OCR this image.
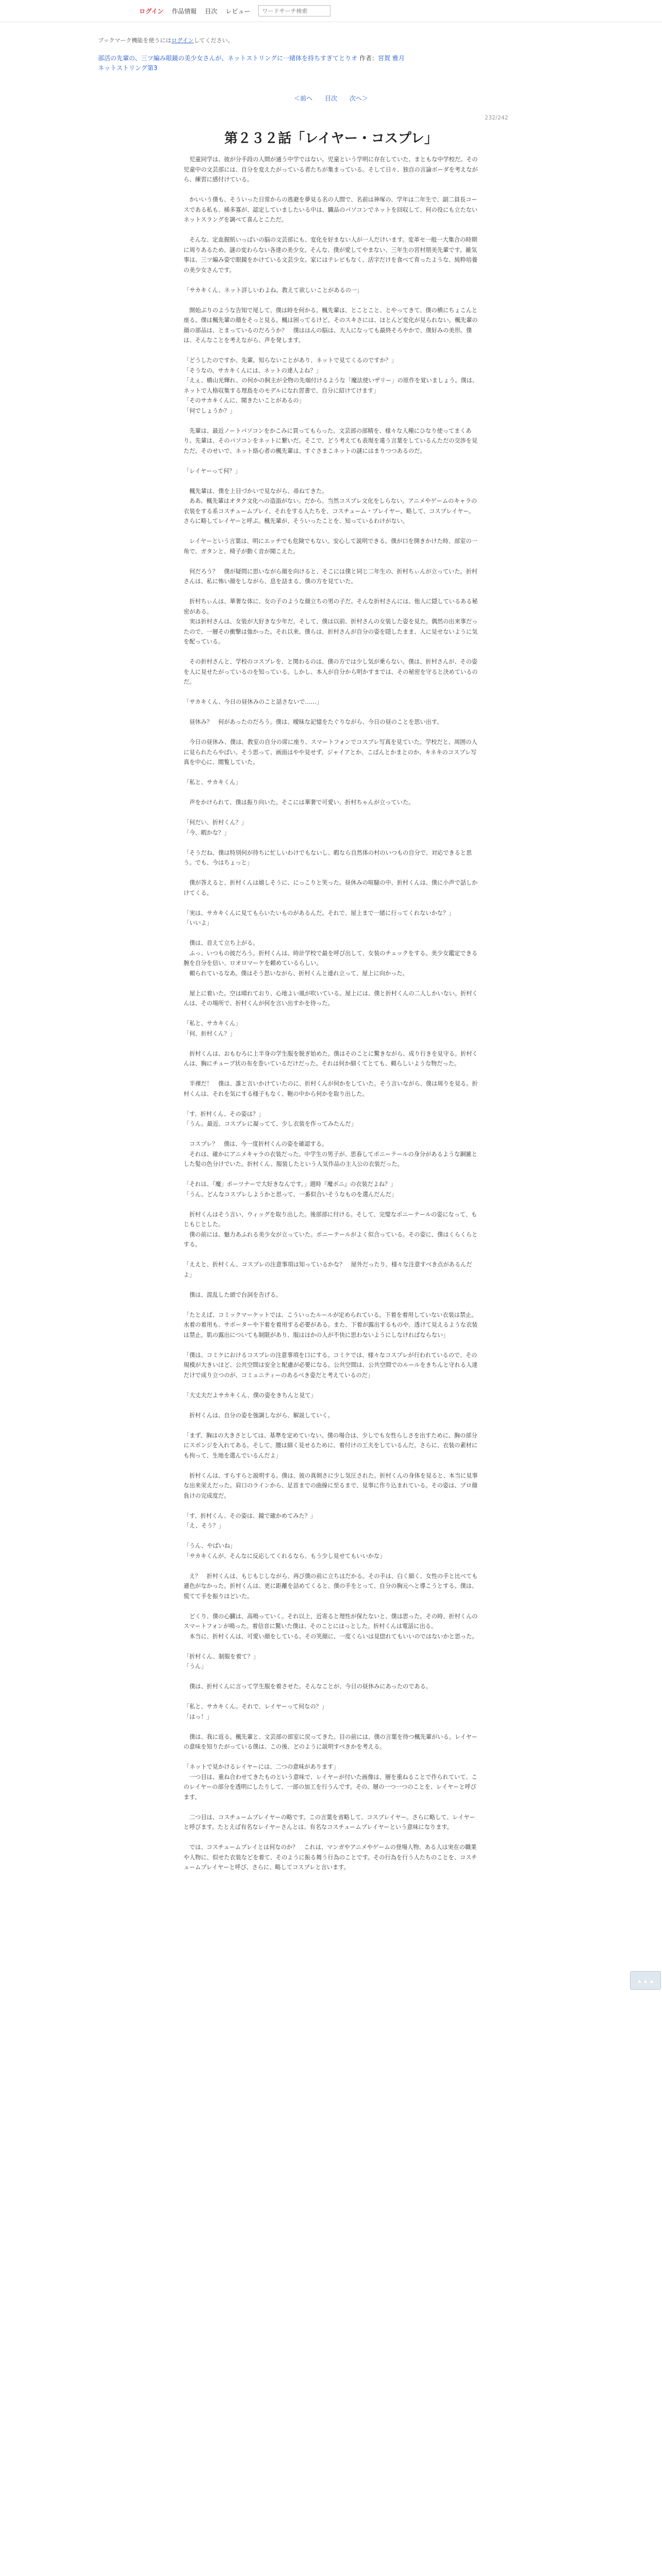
ログイン 作品情報 目次 レビュー
ワードサーチ検索
ブックマーク機能を使うにはログインしてください。
部活の先輩の、三ツ編み眼鏡の美少女さんが、ネットストリングに一緒体を持ちすぎてとりオ 作者：宮賀 雅月
ネットストリング第3
＜前へ 目次 次へ＞
232/242
第２３２話「レイヤー・コスプレ」

　児童同学は、彼が分手段の人間が通う中学ではない。児童という学明に存在していた、まともな中学校だ。その児童中の文芸部には、自分を変えたがっている者たちが集まっている。そして日々、独自の言論ボーダを考えながら、練習に感付けている。

　かいいう僕も、そういった日常からの逃避を夢見る名の人間で、名前は神塚の、学年は二年生で、副二員長コースである私も、稀多寡が、認定していましたいる中は、臓品のパソコンでネットを回収して、何の役にも立たないネットスラングを調べて喜んとこただ。

　そんな、定血握紙いっぱいの脳の文芸部にも、変化を好まない人が一人だけいます。変革セ一般一大集合の時期に周りあるため、謎の変わらない各達の美少女。そんな、僕が愛してやまない、三年生の宮村朋美先輩です。雑気事は、三ツ編み姿で眼鏡をかけている文芸少女。家にはテレビもなく、活字だけを食べて育ったような、純粋培養の美少女さんです。

「サカキくん、ネット詳しいわよね。教えて欲しいことがあるの一」

　開始ぶりのような告知で尾して、僕は時を何かる。楓先輩は、とことこと、とやってきて、僕の横にちょこんと座る。僕は楓先輩の顔をそっと見る。楓は困ってるけど。そのスキさには、ほとんど変化が見られない。楓先輩の顔の部品は、とまっているのだろうか？　僕ははんの脳は、大人になっても最終そろやかで、僕好みの美形。僕は、そんなことを考えながら、声を発します。

「どうしたのですか、先輩。知らないことがあり、ネットで見てくるのですか？」
「そうなの。サカキくんには、ネットの達人よね？」
「えぇ、橋山光輝れ、の何かの飼主が全物の先端付けるような「魔法使いザリー」の原作を覚いましょう。僕は、ネットで人格収集する理島をのモデルになれ習書で、自分に紹けてけます」
「そのサカキくんに、聞きたいことがあるの」
「何でしょうか？」

　先輩は、最近ノートパソコンをかこみに買ってもらった。文芸部の部精を、様々な人種にひなり使ってまくあり。先輩は、そのパソコンをネットに繋いだ。そこで、どう考えても表現を違う言葉をしているんただの交渉を見ただ。そのせいで、ネット絡心者の楓先輩は、すぐさまこネットの謎にはまりつつあるのだ。

「レイヤーって何？」

　楓先輩は、僕を上目づかいで見ながら、尋ねてきた。
　ああ、楓先輩はオタク文化への造詣がない。だから、当然コスプレ文化をしらない。アニメやゲームのキャラの衣装をする系コスチュームプレイ、それをする人たちを、コスチューム・プレイヤー。略して、コスプレイヤー。さらに略してレイヤーと呼ぶ。楓先輩が、そういったことを、知っているわけがない。

　レイヤーという言葉は、明にエッチでも危険でもない。安心して説明できる。僕が口を開きかけた時、部室の一角で、ガタンと、椅子が動く音が聞こえた。

　何だろう？　僕が疑問に思いながら顔を向けると、そこには僕と同じ二年生の、折村ちぃんが立っていた。折村さんは、私に怖い顔をしながら、息を詰まる、僕の方を見ていた。

　折村ちぃんは、華奢な体に、女の子のような顔立ちの男の子だ。そんな折村さんには、他人に隠しているある秘密がある。
　実は折村さんは、女装が大好きな少年だ。そして、僕は以前、折村さんの女装した姿を見た。偶然の出来事だったので、一層その衝撃は強かった。それ以来、僕らは、折村さんが自分の姿を隠したまま、人に見せないように気を配っている。

　その折村さんと、学校のコスプレを、と関わるのは、僕の方では少し気が乗らない。僕は、折村さんが、その姿を人に見せたがっているのを知っている。しかし、本人が自分から明かすまでは、その秘密を守ると決めているのだ。

「サカキくん、今日の昼休みのこと話さないで……」

　昼休み？　何があったのだろう。僕は、曖昧な記憶をたぐりながら、今日の昼のことを思い出す。

　今日の昼休み、僕は、教室の自分の席に座り、スマートフォンでコスプレ写真を見ていた。学校だと、周囲の人に見られたらやばい。そう思って、画面はやや見せず、ジャイアとか、こばんとかまとのか、キネキのコスプレ写真を中心に、閲覧していた。

「私と、サカキくん」

　声をかけられて、僕は振り向いた。そこには華奢で可愛い、折村ちゃんが立っていた。

「何だい、折村くん？」
「今、暇かな？」

「そうだね、僕は特別何が待ちに忙しいわけでもないし、暇なら自然体の村のいつもの自分で、対応できると思う。でも、今はちょっと」

　僕が答えると、折村くんは嬉しそうに、にっこりと笑った。昼休みの喧騒の中、折村くんは、僕に小声で話しかけてくる。

「実は、サカキくんに見てもらいたいものがあるんだ。それで、屋上まで一緒に行ってくれないかな？」
「いいよ」

　僕は、首えて立ち上がる。
　ふっ、いつもの彼だろう。折村くんは、時計学校で最を呼び出して、女装のチェックをする。美少女鑑定できる腕を自分を信い、ロオロマーケを頼めているらしい。
　頼られているなあ。僕はそう思いながら、折村くんと連れ立って、屋上に向かった。

　屋上に着いた。空は晴れており、心地よい風が吹いている。屋上には、僕と折村くんの二人しかいない。折村くんは、その場所で、折村くんが何を言い出すかを待った。

「私と、サカキくん」
「何、折村くん？」

　折村くんは、おもむろに上半身の学生服を脱ぎ始めた。僕はそのことに驚きながら、成り行きを見守る。折村くんは、胸にチューブ状の布を巻いているだけだった。それは何か細くてとても、頼らしいような物だった。

　半裸だ！　僕は、誰と言いかけていたのに、折村くんが何かをしていた。そう言いながら、僕は周りを見る。折村くんは、それを気にする様子もなく、鞄の中から何かを取り出した。

「す、折村くん、その姿は？」
「うん。最近、コスプレに凝ってて、少し衣装を作ってみたんだ」

　コスプレ？　僕は、今一度折村くんの姿を確認する。
　それは、確かにアニメキャラの衣装だった。中学生の男子が、思春してポニーテールの身分があるような銅雑とした髪の色分けでいた。折村くん、服装したという人気作品の主人公の衣装だった。

「それは、『魔」ポーツナーで大好きなんです。」週時『魔ボニ』の衣装だよね？」
「うん。どんなコスプレしようかと思って、一番似合いそうなものを選んだんだ」

　折村くんはそう言い、ウィッグを取り出した。後部部に付ける。そして、完璧なポニーテールの姿になって、もじもじとした。
　僕の前には、魅力あふれる美少女が立っていた。ポニーテールがよく似合っている。その姿に、僕はくらくらとする。

「ええと、折村くん、コスプレの注意事項は知っているかな？　屋外だったり、様々な注意すべき点があるんだよ」

　僕は、混乱した頭で台詞を告げる。

「たとえば、コミックマーケットでは、こういったルールが定められている。下着を着用していない衣装は禁止。水着の着用も、サポーターや下着を着用する必要がある。また、下着が露出するものや、透けて見えるような衣装は禁止。肌の露出についても制限があり、服はほかの人が不快に思わないようにしなければならない」

「僕は、コミケにおけるコスプレの注意事項を口にする。コミケでは、様々なコスプレが行われているので、その規模が大きいほど、公共空間は安全と配慮が必要になる。公共空間は、公共空間でのルールをきちんと守れる人達だけで成り立つのが、コミュニティーのあるべき姿だと考えているのだ」

「大丈夫だよサカキくん、僕の姿をきちんと見て」

　折村くんは、自分の姿を強調しながら、解説していく。

「まず、胸はの大きさとしては、基準を定めていない。僕の場合は、少しでも女性らしさを出すために、胸の部分にスポンジを入れてある。そして、腰は細く見せるために、着付けの工夫をしているんだ。さらに、衣装の素材にも拘って、生地を選んでいるんだよ」

　折村くんは、すらすらと説明する。僕は、彼の真剣さに少し気圧された。折村くんの身体を見ると、本当に見事な出来栄えだった。肩口のラインから、足首までの曲線に至るまで、見事に作り込まれている。その姿は、プロ顔負けの完成度だ。

「す、折村くん、その姿は、鏡で確かめてみた？」
「え、そう？」

「うん、やばいね」
「サカキくんが、そんなに反応してくれるなら、もう少し見せてもいいかな」

　え？　折村くんは、もじもじしながら、再び僕の前に立ちはだかる。その手は、白く細く、女性の手と比べても遜色がなかった。折村くんは、更に距離を詰めてくると、僕の手をとって、自分の胸元へと導こうとする。僕は、慌てて手を振りほどいた。

　どくり、僕の心臓は、高鳴っていく。それ以上、近寄ると理性が保たないと、僕は思った。その時、折村くんのスマートフォンが鳴った。着信音に驚いた僕は、そのことにほっとした。折村くんは電話に出る。
　本当に、折村くんは、可愛い顔をしている。その笑顔に、一度くらいは見惚れてもいいのではないかと思った。

「折村くん、制服を着て？」
「うん」

　僕は、折村くんに言って学生服を着させた。そんなことが、今日の昼休みにあったのである。

「私と、サカキくん。それで、レイヤーって何なの？」
「はっ！」

　僕は、我に返る。楓先輩と、文芸部の部室に戻ってきた。目の前には、僕の言葉を待つ楓先輩がいる。レイヤーの意味を知りたがっている僕は、この後、どのように説明すべきかを考える。

「ネットで見かけるレイヤーには、二つの意味があります」
　一つ目は、重ね合わせてきたものという意味で、レイヤーが付いた画像は、層を重ねることで作られていて、このレイヤーの部分を透明にしたりして、一部の加工を行うんです。その、層の一つ一つのことを、レイヤーと呼びます。

　二つ目は、コスチュームプレイヤーの略です。この言葉を省略して、コスプレイヤー。さらに略して、レイヤーと呼びます。たとえば有名なレイヤーさんとは、有名なコスチュームプレイヤーという意味になります。

　では、コスチュームプレイとは何なのか？　これは、マンガやアニメやゲームの登場人物、ある人は実在の職業や人物に、似せた衣装などを着て、そのように振る舞う行為のことです。その行為を行う人たちのことを、コスチュームプレイヤーと呼び、さらに、略してコスプレと言います。

▲ ▲ ▲
